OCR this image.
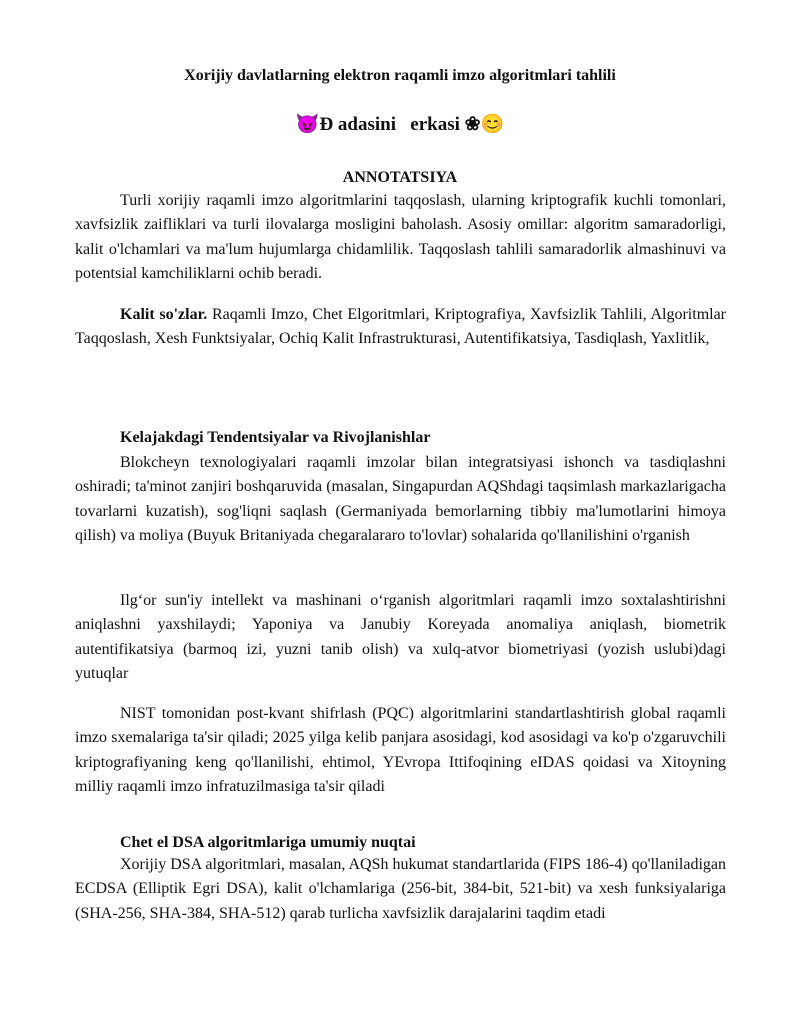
Xorijiy davlatlarning elektron raqamli imzo algoritmlari tahlili
😈Ð adasini   erkasi ❀😊
ANNOTATSIYA

Turli xorijiy raqamli imzo algoritmlarini taqqoslash, ularning kriptografik kuchli tomonlari, xavfsizlik zaifliklari va turli ilovalarga mosligini baholash. Asosiy omillar: algoritm samaradorligi, kalit o'lchamlari va ma'lum hujumlarga chidamlilik. Taqqoslash tahlili samaradorlik almashinuvi va potentsial kamchiliklarni ochib beradi.

Kalit so'zlar. Raqamli Imzo, Chet Elgoritmlari, Kriptografiya, Xavfsizlik Tahlili, Algoritmlar Taqqoslash, Xesh Funktsiyalar, Ochiq Kalit Infrastrukturasi, Autentifikatsiya, Tasdiqlash, Yaxlitlik,

Kelajakdagi Tendentsiyalar va Rivojlanishlar

Blokcheyn texnologiyalari raqamli imzolar bilan integratsiyasi ishonch va tasdiqlashni oshiradi; ta'minot zanjiri boshqaruvida (masalan, Singapurdan AQShdagi taqsimlash markazlarigacha tovarlarni kuzatish), sog'liqni saqlash (Germaniyada bemorlarning tibbiy ma'lumotlarini himoya qilish) va moliya (Buyuk Britaniyada chegaralararo to'lovlar) sohalarida qo'llanilishini o'rganish

Ilg‘or sun'iy intellekt va mashinani o‘rganish algoritmlari raqamli imzo soxtalashtirishni aniqlashni yaxshilaydi; Yaponiya va Janubiy Koreyada anomaliya aniqlash, biometrik autentifikatsiya (barmoq izi, yuzni tanib olish) va xulq-atvor biometriyasi (yozish uslubi)dagi yutuqlar

NIST tomonidan post-kvant shifrlash (PQC) algoritmlarini standartlashtirish global raqamli imzo sxemalariga ta'sir qiladi; 2025 yilga kelib panjara asosidagi, kod asosidagi va ko'p o'zgaruvchili kriptografiyaning keng qo'llanilishi, ehtimol, YEvropa Ittifoqining eIDAS qoidasi va Xitoyning milliy raqamli imzo infratuzilmasiga ta'sir qiladi

Chet el DSA algoritmlariga umumiy nuqtai

Xorijiy DSA algoritmlari, masalan, AQSh hukumat standartlarida (FIPS 186-4) qo'llaniladigan ECDSA (Elliptik Egri DSA), kalit o'lchamlariga (256-bit, 384-bit, 521-bit) va xesh funksiyalariga (SHA-256, SHA-384, SHA-512) qarab turlicha xavfsizlik darajalarini taqdim etadi
